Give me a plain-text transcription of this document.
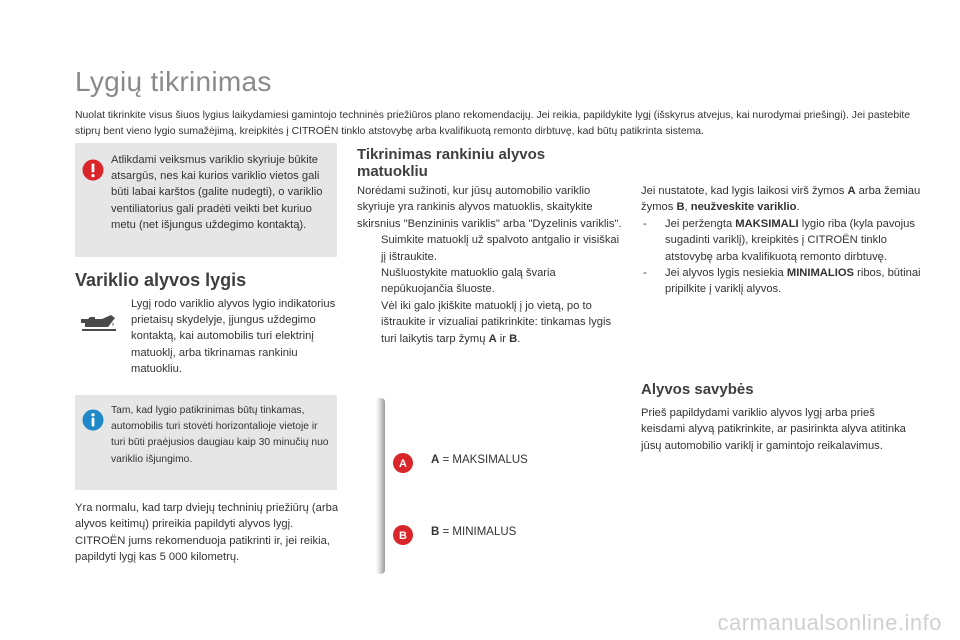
Lygių tikrinimas

Nuolat tikrinkite visus šiuos lygius laikydamiesi gamintojo techninės priežiūros plano rekomendacijų. Jei reikia, papildykite lygį (išskyrus atvejus, kai nurodymai priešingi). Jei pastebite stiprų bent vieno lygio sumažėjimą, kreipkitės į CITROËN tinklo atstovybę arba kvalifikuotą remonto dirbtuvę, kad būtų patikrinta sistema.

Atlikdami veiksmus variklio skyriuje būkite atsargūs, nes kai kurios variklio vietos gali būti labai karštos (galite nudegti), o variklio ventiliatorius gali pradėti veikti bet kuriuo metu (net išjungus uždegimo kontaktą).

Variklio alyvos lygis

Lygį rodo variklio alyvos lygio indikatorius prietaisų skydelyje, įjungus uždegimo kontaktą, kai automobilis turi elektrinį matuoklį, arba tikrinamas rankiniu matuokliu.

Tam, kad lygio patikrinimas būtų tinkamas, automobilis turi stovėti horizontalioje vietoje ir turi būti praėjusios daugiau kaip 30 minučių nuo variklio išjungimo.

Yra normalu, kad tarp dviejų techninių priežiūrų (arba alyvos keitimų) prireikia papildyti alyvos lygį. CITROËN jums rekomenduoja patikrinti ir, jei reikia, papildyti lygį kas 5 000 kilometrų.

Tikrinimas rankiniu alyvos matuokliu

Norėdami sužinoti, kur jūsų automobilio variklio skyriuje yra rankinis alyvos matuoklis, skaitykite skirsnius "Benzininis variklis" arba "Dyzelinis variklis".

Suimkite matuoklį už spalvoto antgalio ir visiškai jį ištraukite.
Nušluostykite matuoklio galą švaria nepūkuojančia šluoste.
Vėl iki galo įkiškite matuoklį į jo vietą, po to ištraukite ir vizualiai patikrinkite: tinkamas lygis turi laikytis tarp žymų A ir B.
A
B
A = MAKSIMALUS
B = MINIMALUS

Jei nustatote, kad lygis laikosi virš žymos A arba žemiau žymos B, neužveskite variklio.

- Jei peržengta MAKSIMALI lygio riba (kyla pavojus sugadinti variklį), kreipkitės į CITROËN tinklo atstovybę arba kvalifikuotą remonto dirbtuvę.
- Jei alyvos lygis nesiekia MINIMALIOS ribos, būtinai pripilkite į variklį alyvos.
Alyvos savybės

Prieš papildydami variklio alyvos lygį arba prieš keisdami alyvą patikrinkite, ar pasirinkta alyva atitinka jūsų automobilio variklį ir gamintojo reikalavimus.

carmanualsonline.info
